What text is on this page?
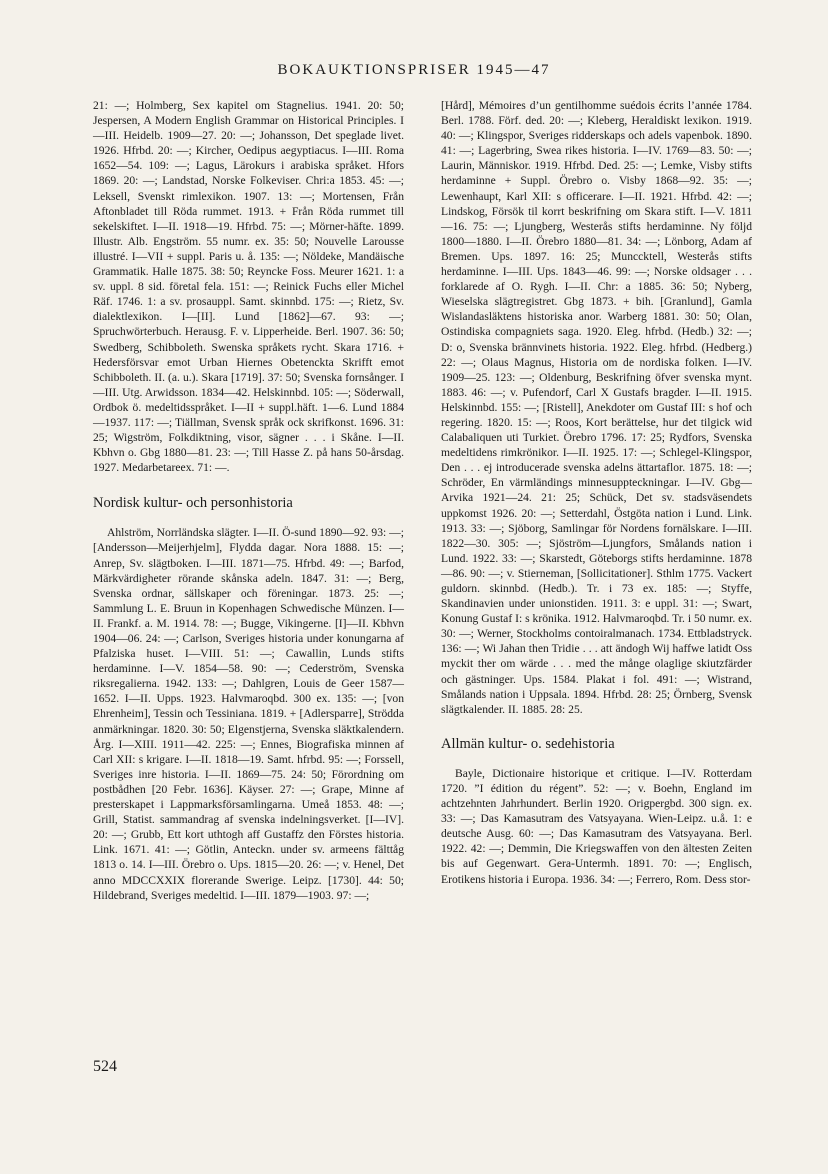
BOKAUKTIONSPRISER 1945—47

21: —; Holmberg, Sex kapitel om Stagnelius. 1941. 20: 50; Jespersen, A Modern English Grammar on Historical Principles. I—III. Heidelb. 1909—27. 20: —; Johansson, Det speglade livet. 1926. Hfrbd. 20: —; Kircher, Oedipus aegyptiacus. I—III. Roma 1652—54. 109: —; Lagus, Lärokurs i arabiska språket. Hfors 1869. 20: —; Landstad, Norske Folkeviser. Chri:a 1853. 45: —; Leksell, Svenskt rimlexikon. 1907. 13: —; Mortensen, Från Aftonbladet till Röda rummet. 1913. + Från Röda rummet till sekelskiftet. I—II. 1918—19. Hfrbd. 75: —; Mörner-häfte. 1899. Illustr. Alb. Engström. 55 numr. ex. 35: 50; Nouvelle Larousse illustré. I—VII + suppl. Paris u. å. 135: —; Nöldeke, Mandäische Grammatik. Halle 1875. 38: 50; Reyncke Foss. Meurer 1621. 1: a sv. uppl. 8 sid. företal fela. 151: —; Reinick Fuchs eller Michel Räf. 1746. 1: a sv. prosauppl. Samt. skinnbd. 175: —; Rietz, Sv. dialektlexikon. I—[II]. Lund [1862]—67. 93: —; Spruchwörterbuch. Herausg. F. v. Lipperheide. Berl. 1907. 36: 50; Swedberg, Schibboleth. Swenska språkets rycht. Skara 1716. + Hedersförsvar emot Urban Hiernes Obetenckta Skrifft emot Schibboleth. II. (a. u.). Skara [1719]. 37: 50; Svenska fornsånger. I—III. Utg. Arwidsson. 1834—42. Helskinnbd. 105: —; Söderwall, Ordbok ö. medeltidsspråket. I—II + suppl.häft. 1—6. Lund 1884—1937. 117: —; Tiällman, Svensk språk ock skrifkonst. 1696. 31: 25; Wigström, Folkdiktning, visor, sägner . . . i Skåne. I—II. Kbhvn o. Gbg 1880—81. 23: —; Till Hasse Z. på hans 50-årsdag. 1927. Medarbetareex. 71: —.

Nordisk kultur- och personhistoria

Ahlström, Norrländska slägter. I—II. Ö-sund 1890—92. 93: —; [Andersson—Meijerhjelm], Flydda dagar. Nora 1888. 15: —; Anrep, Sv. slägtboken. I—III. 1871—75. Hfrbd. 49: —; Barfod, Märkvärdigheter rörande skånska adeln. 1847. 31: —; Berg, Svenska ordnar, sällskaper och föreningar. 1873. 25: —; Sammlung L. E. Bruun in Kopenhagen Schwedische Münzen. I—II. Frankf. a. M. 1914. 78: —; Bugge, Vikingerne. [I]—II. Kbhvn 1904—06. 24: —; Carlson, Sveriges historia under konungarna af Pfalziska huset. I—VIII. 51: —; Cawallin, Lunds stifts herdaminne. I—V. 1854—58. 90: —; Cederström, Svenska riksregalierna. 1942. 133: —; Dahlgren, Louis de Geer 1587—1652. I—II. Upps. 1923. Halvmaroqbd. 300 ex. 135: —; [von Ehrenheim], Tessin och Tessiniana. 1819. + [Adlersparre], Strödda anmärkningar. 1820. 30: 50; Elgenstjerna, Svenska släktkalendern. Årg. I—XIII. 1911—42. 225: —; Ennes, Biografiska minnen af Carl XII: s krigare. I—II. 1818—19. Samt. hfrbd. 95: —; Forssell, Sveriges inre historia. I—II. 1869—75. 24: 50; Förordning om postbådhen [20 Febr. 1636]. Käyser. 27: —; Grape, Minne af presterskapet i Lappmarksförsamlingarna. Umeå 1853. 48: —; Grill, Statist. sammandrag af svenska indelningsverket. [I—IV]. 20: —; Grubb, Ett kort uthtogh aff Gustaffz den Förstes historia. Link. 1671. 41: —; Götlin, Anteckn. under sv. armeens fälttåg 1813 o. 14. I—III. Örebro o. Ups. 1815—20. 26: —; v. Henel, Det anno MDCCXXIX florerande Swerige. Leipz. [1730]. 44: 50; Hildebrand, Sveriges medeltid. I—III. 1879—1903. 97: —;

[Hård], Mémoires d’un gentilhomme suédois écrits l’année 1784. Berl. 1788. Förf. ded. 20: —; Kleberg, Heraldiskt lexikon. 1919. 40: —; Klingspor, Sveriges ridderskaps och adels vapenbok. 1890. 41: —; Lagerbring, Swea rikes historia. I—IV. 1769—83. 50: —; Laurin, Människor. 1919. Hfrbd. Ded. 25: —; Lemke, Visby stifts herdaminne + Suppl. Örebro o. Visby 1868—92. 35: —; Lewenhaupt, Karl XII: s officerare. I—II. 1921. Hfrbd. 42: —; Lindskog, Försök til korrt beskrifning om Skara stift. I—V. 1811—16. 75: —; Ljungberg, Westerås stifts herdaminne. Ny följd 1800—1880. I—II. Örebro 1880—81. 34: —; Lönborg, Adam af Bremen. Ups. 1897. 16: 25; Munccktell, Westerås stifts herdaminne. I—III. Ups. 1843—46. 99: —; Norske oldsager . . . forklarede af O. Rygh. I—II. Chr: a 1885. 36: 50; Nyberg, Wieselska slägtregistret. Gbg 1873. + bih. [Granlund], Gamla Wislandasläktens historiska anor. Warberg 1881. 30: 50; Olan, Ostindiska compagniets saga. 1920. Eleg. hfrbd. (Hedb.) 32: —; D: o, Svenska brännvinets historia. 1922. Eleg. hfrbd. (Hedberg.) 22: —; Olaus Magnus, Historia om de nordiska folken. I—IV. 1909—25. 123: —; Oldenburg, Beskrifning öfver svenska mynt. 1883. 46: —; v. Pufendorf, Carl X Gustafs bragder. I—II. 1915. Helskinnbd. 155: —; [Ristell], Anekdoter om Gustaf III: s hof och regering. 1820. 15: —; Roos, Kort berättelse, hur det tilgick wid Calabaliquen uti Turkiet. Örebro 1796. 17: 25; Rydfors, Svenska medeltidens rimkrönikor. I—II. 1925. 17: —; Schlegel-Klingspor, Den . . . ej introducerade svenska adelns ättartaflor. 1875. 18: —; Schröder, En värmländings minnesuppteckningar. I—IV. Gbg—Arvika 1921—24. 21: 25; Schück, Det sv. stadsväsendets uppkomst 1926. 20: —; Setterdahl, Östgöta nation i Lund. Link. 1913. 33: —; Sjöborg, Samlingar för Nordens fornälskare. I—III. 1822—30. 305: —; Sjöström—Ljungfors, Smålands nation i Lund. 1922. 33: —; Skarstedt, Göteborgs stifts herdaminne. 1878—86. 90: —; v. Stierneman, [Sollicitationer]. Sthlm 1775. Vackert guldorn. skinnbd. (Hedb.). Tr. i 73 ex. 185: —; Styffe, Skandinavien under unionstiden. 1911. 3: e uppl. 31: —; Swart, Konung Gustaf I: s krönika. 1912. Halvmaroqbd. Tr. i 50 numr. ex. 30: —; Werner, Stockholms contoiralmanach. 1734. Ettbladstryck. 136: —; Wi Jahan then Tridie . . . att ändogh Wij haffwe latidt Oss myckit ther om wärde . . . med the månge olaglige skiutzfärder och gästninger. Ups. 1584. Plakat i fol. 491: —; Wistrand, Smålands nation i Uppsala. 1894. Hfrbd. 28: 25; Örnberg, Svensk slägtkalender. II. 1885. 28: 25.

Allmän kultur- o. sedehistoria

Bayle, Dictionaire historique et critique. I—IV. Rotterdam 1720. ”I édition du régent”. 52: —; v. Boehn, England im achtzehnten Jahrhundert. Berlin 1920. Origpergbd. 300 sign. ex. 33: —; Das Kamasutram des Vatsyayana. Wien-Leipz. u.å. 1: e deutsche Ausg. 60: —; Das Kamasutram des Vatsyayana. Berl. 1922. 42: —; Demmin, Die Kriegswaffen von den ältesten Zeiten bis auf Gegenwart. Gera-Untermh. 1891. 70: —; Englisch, Erotikens historia i Europa. 1936. 34: —; Ferrero, Rom. Dess stor-

524
